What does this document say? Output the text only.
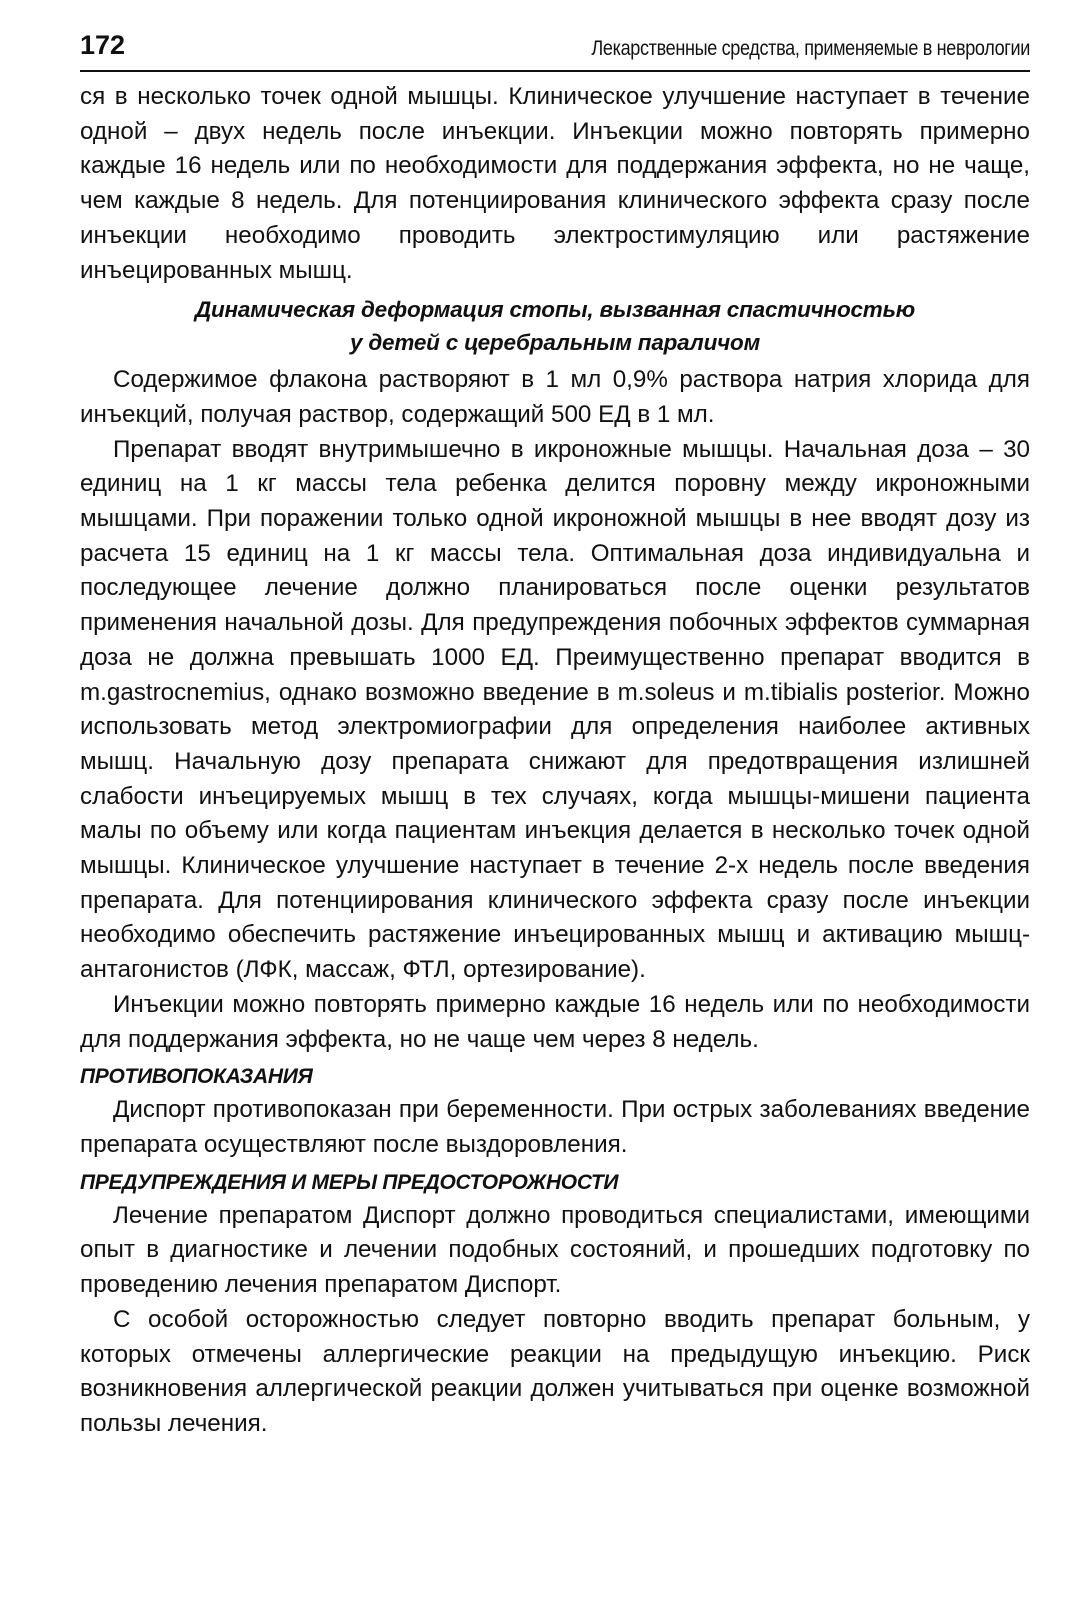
172	Лекарственные средства, применяемые в неврологии

ся в несколько точек одной мышцы. Клиническое улучшение наступает в течение одной – двух недель после инъекции. Инъекции можно повторять примерно каждые 16 недель или по необходимости для поддержания эффекта, но не чаще, чем каждые 8 недель. Для потенциирования клинического эффекта сразу после инъекции необходимо проводить электростимуляцию или растяжение инъецированных мышц.

Динамическая деформация стопы, вызванная спастичностью
у детей с церебральным параличом

Содержимое флакона растворяют в 1 мл 0,9% раствора натрия хлорида для инъекций, получая раствор, содержащий 500 ЕД в 1 мл.

Препарат вводят внутримышечно в икроножные мышцы. Начальная доза – 30 единиц на 1 кг массы тела ребенка делится поровну между икроножными мышцами. При поражении только одной икроножной мышцы в нее вводят дозу из расчета 15 единиц на 1 кг массы тела. Оптимальная доза индивидуальна и последующее лечение должно планироваться после оценки результатов применения начальной дозы. Для предупреждения побочных эффектов суммарная доза не должна превышать 1000 ЕД. Преимущественно препарат вводится в m.gastrocnemius, однако возможно введение в m.soleus и m.tibialis posterior. Можно использовать метод электромиографии для определения наиболее активных мышц. Начальную дозу препарата снижают для предотвращения излишней слабости инъецируемых мышц в тех случаях, когда мышцы-мишени пациента малы по объему или когда пациентам инъекция делается в несколько точек одной мышцы. Клиническое улучшение наступает в течение 2-х недель после введения препарата. Для потенциирования клинического эффекта сразу после инъекции необходимо обеспечить растяжение инъецированных мышц и активацию мышц-антагонистов (ЛФК, массаж, ФТЛ, ортезирование).

Инъекции можно повторять примерно каждые 16 недель или по необходимости для поддержания эффекта, но не чаще чем через 8 недель.

ПРОТИВОПОКАЗАНИЯ

Диспорт противопоказан при беременности. При острых заболеваниях введение препарата осуществляют после выздоровления.

ПРЕДУПРЕЖДЕНИЯ И МЕРЫ ПРЕДОСТОРОЖНОСТИ

Лечение препаратом Диспорт должно проводиться специалистами, имеющими опыт в диагностике и лечении подобных состояний, и прошедших подготовку по проведению лечения препаратом Диспорт.

С особой осторожностью следует повторно вводить препарат больным, у которых отмечены аллергические реакции на предыдущую инъекцию. Риск возникновения аллергической реакции должен учитываться при оценке возможной пользы лечения.
